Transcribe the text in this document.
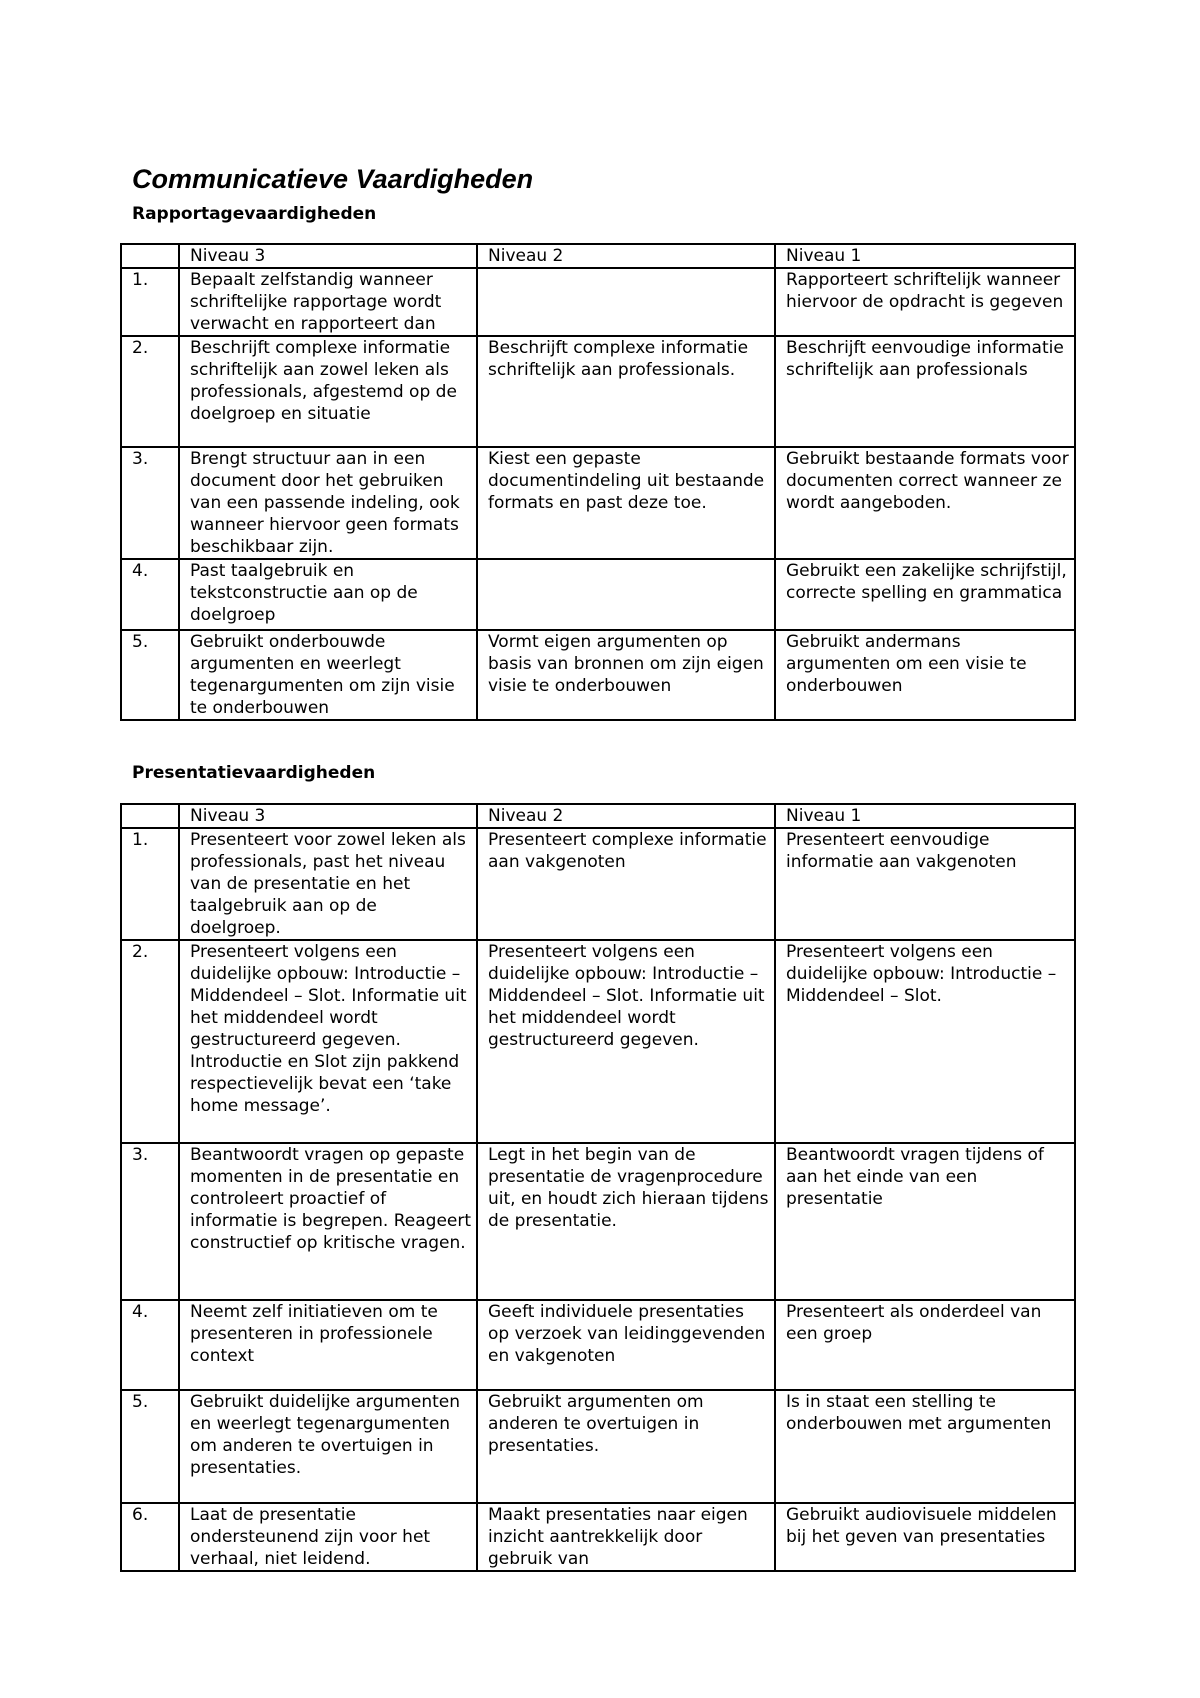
Communicatieve Vaardigheden
Rapportagevaardigheden
	Niveau 3	Niveau 2	Niveau 1
1.	Bepaalt zelfstandig wanneer schriftelijke rapportage wordt verwacht en rapporteert dan		Rapporteert schriftelijk wanneer hiervoor de opdracht is gegeven
2.	Beschrijft complexe informatie schriftelijk aan zowel leken als professionals, afgestemd op de doelgroep en situatie	Beschrijft complexe informatie schriftelijk aan professionals.	Beschrijft eenvoudige informatie schriftelijk aan professionals
3.	Brengt structuur aan in een document door het gebruiken van een passende indeling, ook wanneer hiervoor geen formats beschikbaar zijn.	Kiest een gepaste documentindeling uit bestaande formats en past deze toe.	Gebruikt bestaande formats voor documenten correct wanneer ze wordt aangeboden.
4.	Past taalgebruik en tekstconstructie aan op de doelgroep		Gebruikt een zakelijke schrijfstijl, correcte spelling en grammatica
5.	Gebruikt onderbouwde argumenten en weerlegt tegenargumenten om zijn visie te onderbouwen	Vormt eigen argumenten op basis van bronnen om zijn eigen visie te onderbouwen	Gebruikt andermans argumenten om een visie te onderbouwen
Presentatievaardigheden
	Niveau 3	Niveau 2	Niveau 1
1.	Presenteert voor zowel leken als professionals, past het niveau van de presentatie en het taalgebruik aan op de doelgroep.	Presenteert complexe informatie aan vakgenoten	Presenteert eenvoudige informatie aan vakgenoten
2.	Presenteert volgens een duidelijke opbouw: Introductie – Middendeel – Slot. Informatie uit het middendeel wordt gestructureerd gegeven. Introductie en Slot zijn pakkend respectievelijk bevat een ‘take home message’.	Presenteert volgens een duidelijke opbouw: Introductie – Middendeel – Slot. Informatie uit het middendeel wordt gestructureerd gegeven.	Presenteert volgens een duidelijke opbouw: Introductie – Middendeel – Slot.
3.	Beantwoordt vragen op gepaste momenten in de presentatie en controleert proactief of informatie is begrepen. Reageert constructief op kritische vragen.	Legt in het begin van de presentatie de vragenprocedure uit, en houdt zich hieraan tijdens de presentatie.	Beantwoordt vragen tijdens of aan het einde van een presentatie
4.	Neemt zelf initiatieven om te presenteren in professionele context	Geeft individuele presentaties op verzoek van leidinggevenden en vakgenoten	Presenteert als onderdeel van een groep
5.	Gebruikt duidelijke argumenten en weerlegt tegenargumenten om anderen te overtuigen in presentaties.	Gebruikt argumenten om anderen te overtuigen in presentaties.	Is in staat een stelling te onderbouwen met argumenten
6.	Laat de presentatie ondersteunend zijn voor het verhaal, niet leidend.	Maakt presentaties naar eigen inzicht aantrekkelijk door gebruik van	Gebruikt audiovisuele middelen bij het geven van presentaties
